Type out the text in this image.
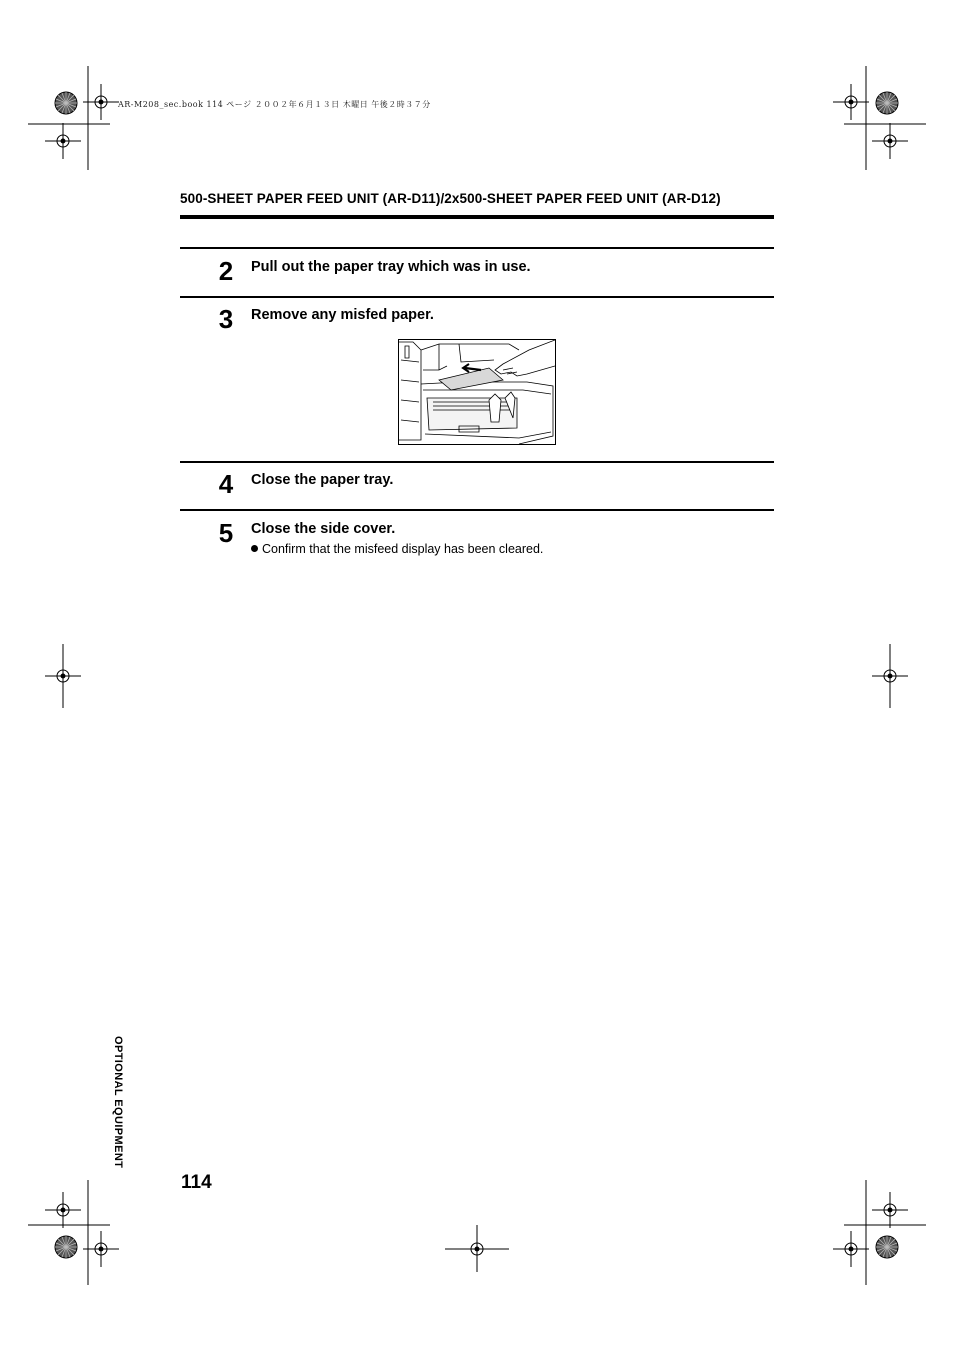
AR-M208_sec.book 114 ページ ２００２年６月１３日 木曜日 午後２時３７分
500-SHEET PAPER FEED UNIT (AR-D11)/2x500-SHEET PAPER FEED UNIT (AR-D12)
2	Pull out the paper tray which was in use.
3	Remove any misfed paper.
4	Close the paper tray.
5	Close the side cover.
Confirm that the misfeed display has been cleared.
OPTIONAL EQUIPMENT
114
